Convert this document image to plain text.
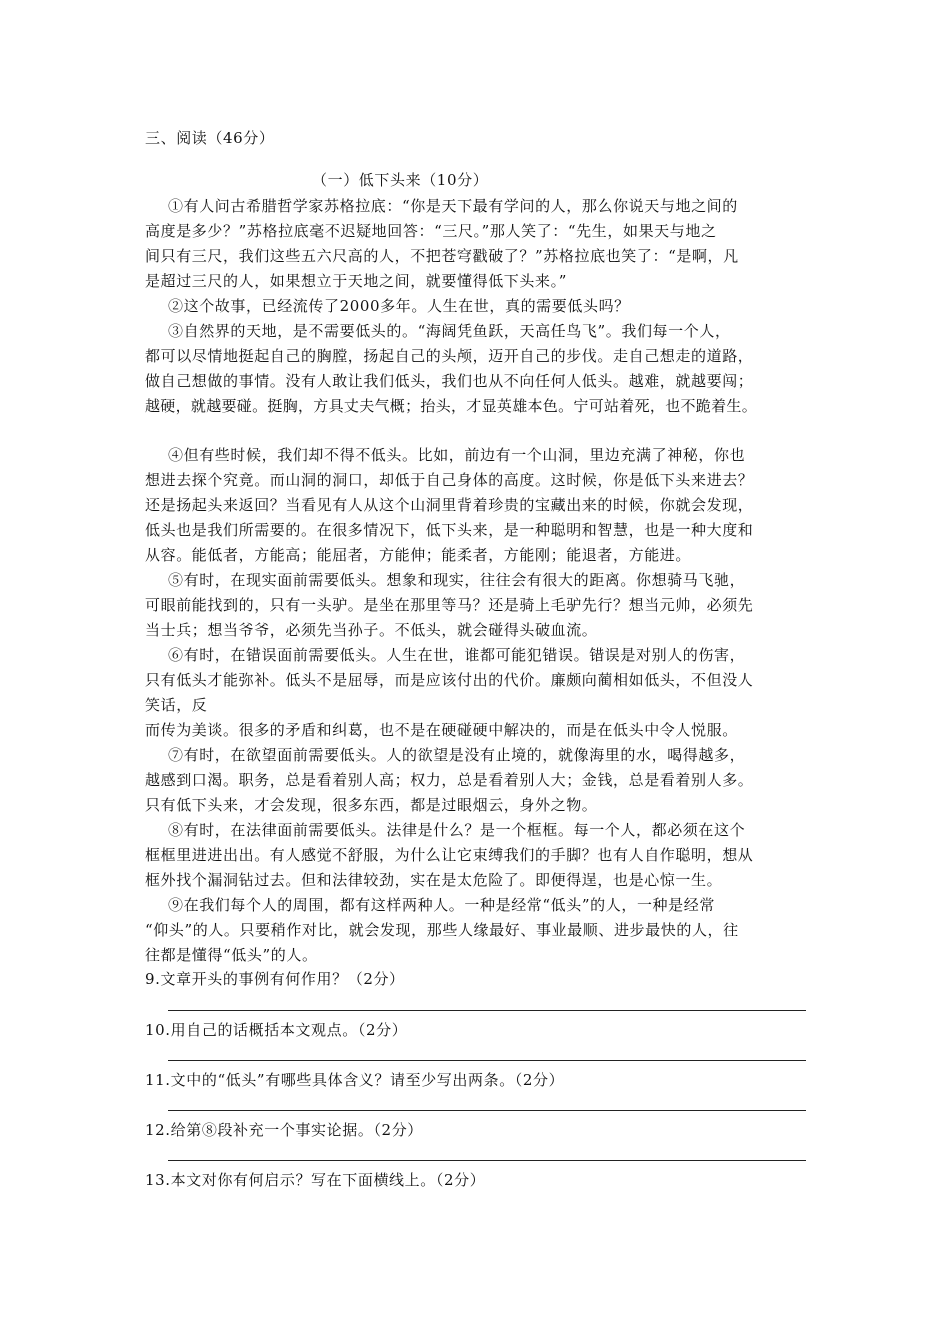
三、阅读（46分）
（一）低下头来（10分）
①有人问古希腊哲学家苏格拉底：“你是天下最有学问的人，那么你说天与地之间的
高度是多少？”苏格拉底毫不迟疑地回答：“三尺。”那人笑了：“先生，如果天与地之
间只有三尺，我们这些五六尺高的人，不把苍穹戳破了？”苏格拉底也笑了：“是啊，凡
是超过三尺的人，如果想立于天地之间，就要懂得低下头来。”
②这个故事，已经流传了2000多年。人生在世，真的需要低头吗？
③自然界的天地，是不需要低头的。“海阔凭鱼跃，天高任鸟飞”。我们每一个人，
都可以尽情地挺起自己的胸膛，扬起自己的头颅，迈开自己的步伐。走自己想走的道路，
做自己想做的事情。没有人敢让我们低头，我们也从不向任何人低头。越难，就越要闯；
越硬，就越要碰。挺胸，方具丈夫气概；抬头，才显英雄本色。宁可站着死，也不跪着生。
④但有些时候，我们却不得不低头。比如，前边有一个山洞，里边充满了神秘，你也
想进去探个究竟。而山洞的洞口，却低于自己身体的高度。这时候，你是低下头来进去？
还是扬起头来返回？当看见有人从这个山洞里背着珍贵的宝藏出来的时候，你就会发现，
低头也是我们所需要的。在很多情况下，低下头来，是一种聪明和智慧，也是一种大度和
从容。能低者，方能高；能屈者，方能伸；能柔者，方能刚；能退者，方能进。
⑤有时，在现实面前需要低头。想象和现实，往往会有很大的距离。你想骑马飞驰，
可眼前能找到的，只有一头驴。是坐在那里等马？还是骑上毛驴先行？想当元帅，必须先
当士兵；想当爷爷，必须先当孙子。不低头，就会碰得头破血流。
⑥有时，在错误面前需要低头。人生在世，谁都可能犯错误。错误是对别人的伤害，
只有低头才能弥补。低头不是屈辱，而是应该付出的代价。廉颇向蔺相如低头，不但没人
笑话，反
而传为美谈。很多的矛盾和纠葛，也不是在硬碰硬中解决的，而是在低头中令人悦服。
⑦有时，在欲望面前需要低头。人的欲望是没有止境的，就像海里的水，喝得越多，
越感到口渴。职务，总是看着别人高；权力，总是看着别人大；金钱，总是看着别人多。
只有低下头来，才会发现，很多东西，都是过眼烟云，身外之物。
⑧有时，在法律面前需要低头。法律是什么？是一个框框。每一个人，都必须在这个
框框里进进出出。有人感觉不舒服，为什么让它束缚我们的手脚？也有人自作聪明，想从
框外找个漏洞钻过去。但和法律较劲，实在是太危险了。即便得逞，也是心惊一生。
⑨在我们每个人的周围，都有这样两种人。一种是经常“低头”的人，一种是经常
“仰头”的人。只要稍作对比，就会发现，那些人缘最好、事业最顺、进步最快的人，往
往都是懂得“低头”的人。
9.文章开头的事例有何作用？（2分）
10.用自己的话概括本文观点。（2分）
11.文中的“低头”有哪些具体含义？请至少写出两条。（2分）
12.给第⑧段补充一个事实论据。（2分）
13.本文对你有何启示？写在下面横线上。（2分）
